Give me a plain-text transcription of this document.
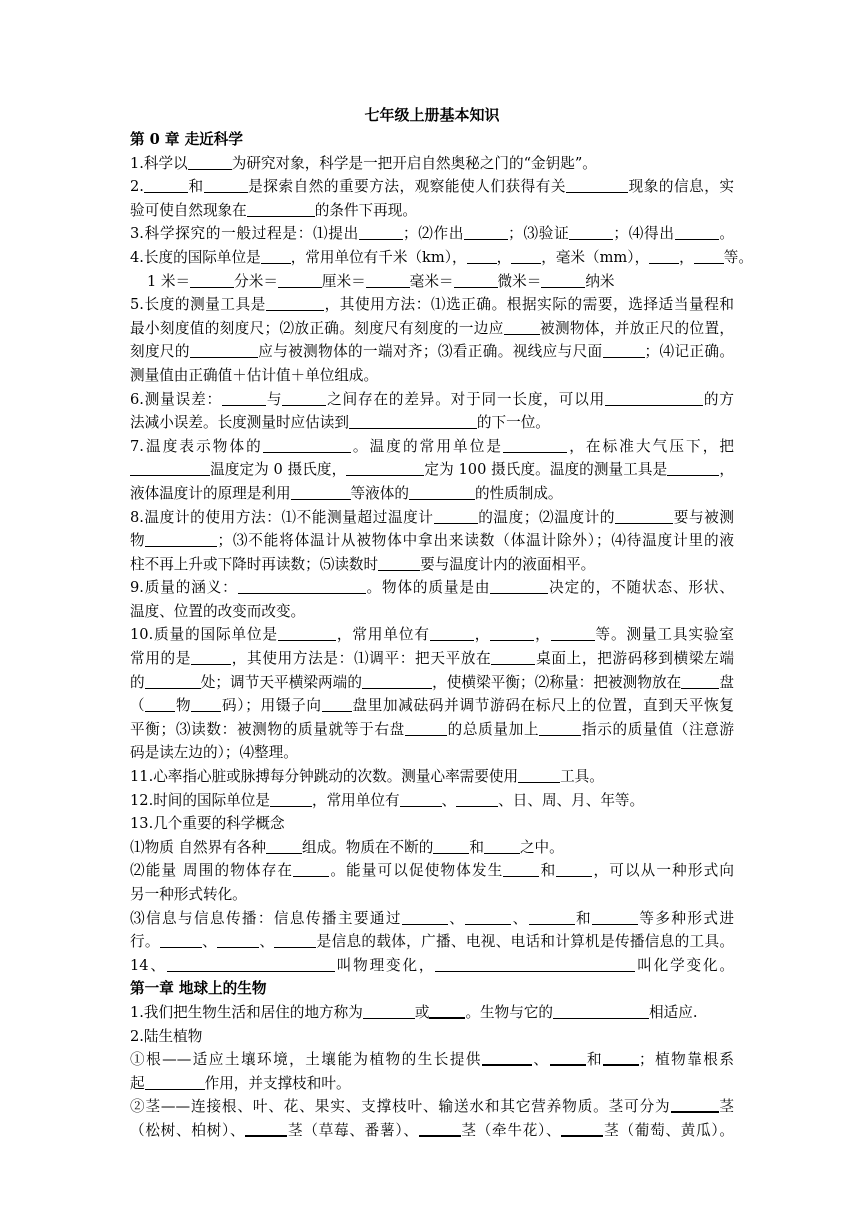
七年级上册基本知识
第 0 章 走近科学
1.科学以	为研究对象，科学是一把开启自然奥秘之门的“金钥匙”。
2.	和	是探索自然的重要方法，观察能使人们获得有关	现象的信息，实
验可使自然现象在	的条件下再现。
3.科学探究的一般过程是：⑴提出	；⑵作出	；⑶验证	；⑷得出	。
4.长度的国际单位是 ，常用单位有千米（km）， ， ，毫米（mm）， ， 等。
1 米＝	分米＝	厘米＝	毫米＝	微米＝	纳米
5.长度的测量工具是	，其使用方法：⑴选正确。根据实际的需要，选择适当量程和
最小刻度值的刻度尺；⑵放正确。刻度尺有刻度的一边应 被测物体，并放正尺的位置，
刻度尺的	应与被测物体的一端对齐；⑶看正确。视线应与尺面	；⑷记正确。
测量值由正确值＋估计值＋单位组成。
6.测量误差：	与	之间存在的差异。对于同一长度，可以用	的方
法减小误差。长度测量时应估读到	的下一位。
7.温度表示物体的	。温度的常用单位是	，在标准大气压下，把
温度定为 0 摄氏度，	定为 100 摄氏度。温度的测量工具是	，
液体温度计的原理是利用	等液体的	的性质制成。
8.温度计的使用方法：⑴不能测量超过温度计	的温度；⑵温度计的	要与被测
物	；⑶不能将体温计从被物体中拿出来读数（体温计除外）；⑷待温度计里的液
柱不再上升或下降时再读数；⑸读数时	要与温度计内的液面相平。
9.质量的涵义：	。物体的质量是由	决定的，不随状态、形状、
温度、位置的改变而改变。
10.质量的国际单位是	，常用单位有	，	，	等。测量工具实验室
常用的是	，其使用方法是：⑴调平：把天平放在	桌面上，把游码移到横梁左端
的	处；调节天平横梁两端的	，使横梁平衡；⑵称量：把被测物放在	盘
（ 物 码）；用镊子向 盘里加减砝码并调节游码在标尺上的位置，直到天平恢复
平衡；⑶读数：被测物的质量就等于右盘	的总质量加上	指示的质量值（注意游
码是读左边的）；⑷整理。
11.心率指心脏或脉搏每分钟跳动的次数。测量心率需要使用	工具。
12.时间的国际单位是	，常用单位有	、	、日、周、月、年等。
13.几个重要的科学概念
⑴物质 自然界有各种 组成。物质在不断的 和 之中。
⑵能量 周围的物体存在 。能量可以促使物体发生 和 ，可以从一种形式向
另一种形式转化。
⑶信息与信息传播：信息传播主要通过	、	、	和	等多种形式进
行。	、	、	是信息的载体，广播、电视、电话和计算机是传播信息的工具。
14、	叫物理变化，	叫化学变化。
第一章 地球上的生物
1.我们把生物生活和居住的地方称为	或 。生物与它的	相适应.
2.陆生植物
①根——适应土壤环境，土壤能为植物的生长提供	、 和 ；植物靠根系
起	作用，并支撑枝和叶。
②茎——连接根、叶、花、果实、支撑枝叶、输送水和其它营养物质。茎可分为	茎
（松树、柏树）、	茎（草莓、番薯）、	茎（牵牛花）、	茎（葡萄、黄瓜）。
